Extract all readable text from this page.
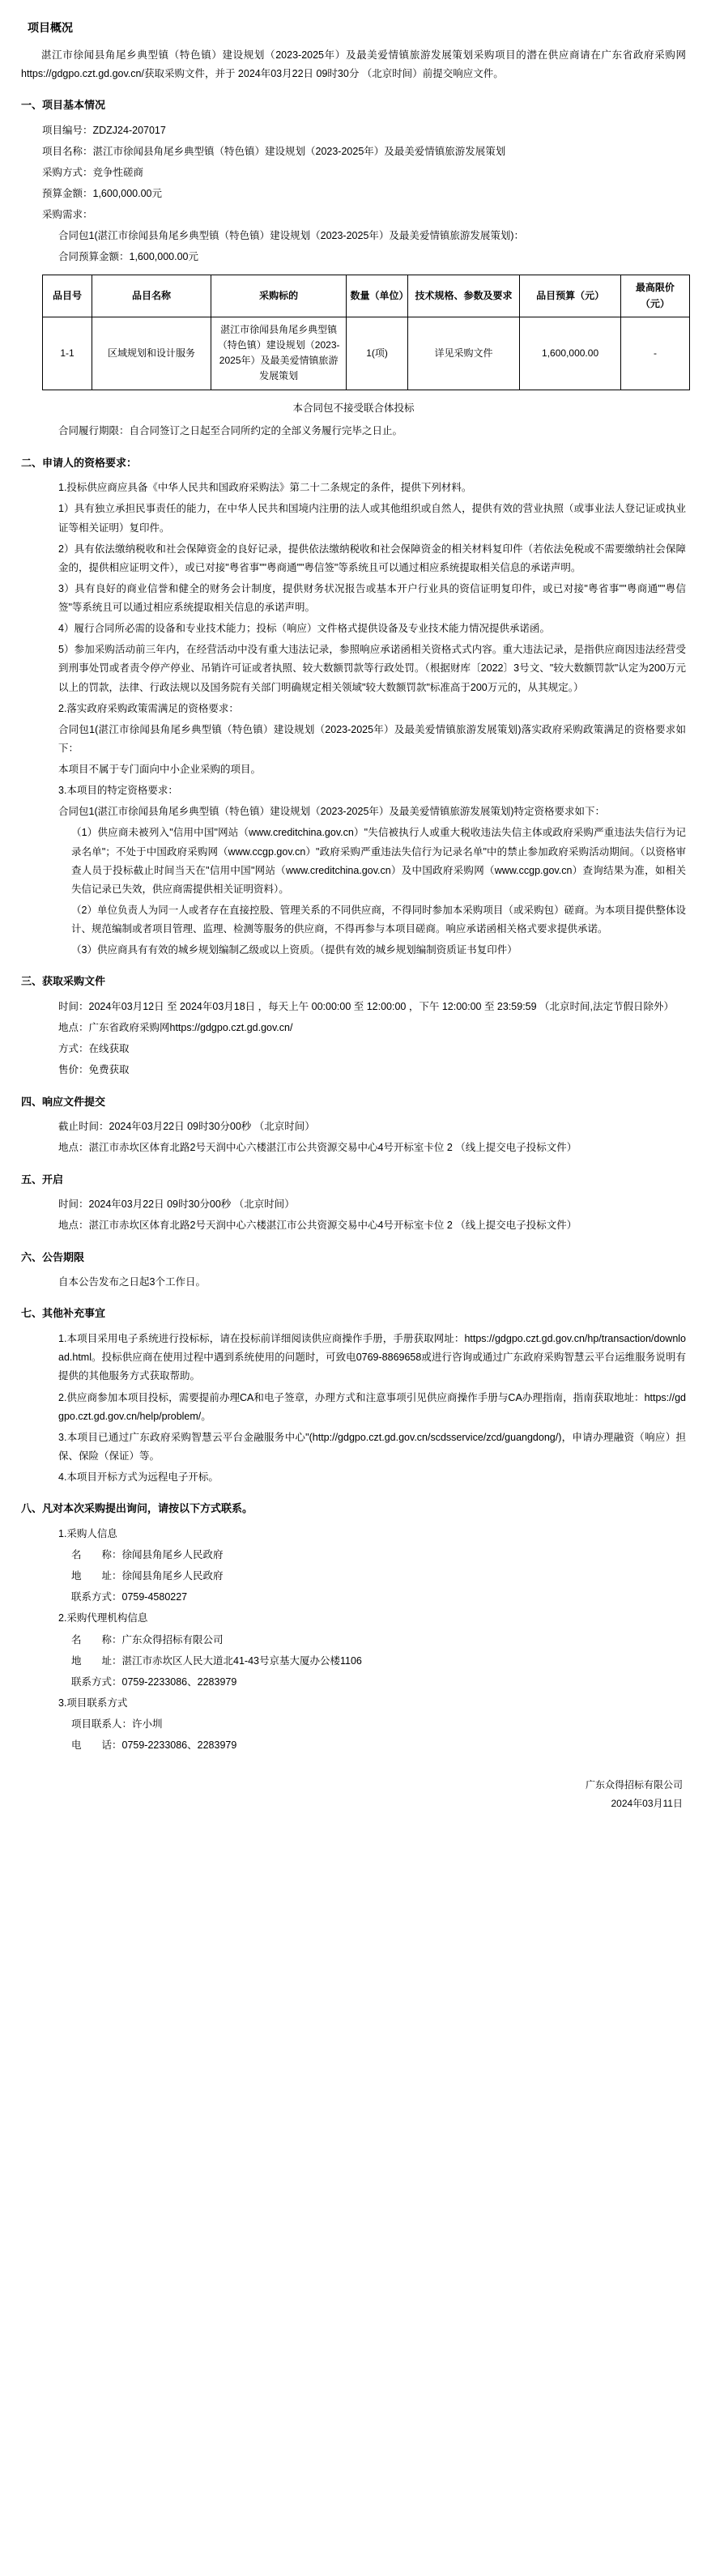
项目概况
湛江市徐闻县角尾乡典型镇（特色镇）建设规划（2023-2025年）及最美爱情镇旅游发展策划采购项目的潜在供应商请在广东省政府采购网https://gdgpo.czt.gd.gov.cn/获取采购文件，并于 2024年03月22日 09时30分 （北京时间）前提交响应文件。
一、项目基本情况
项目编号：ZDZJ24-207017
项目名称：湛江市徐闻县角尾乡典型镇（特色镇）建设规划（2023-2025年）及最美爱情镇旅游发展策划
采购方式：竞争性磋商
预算金额：1,600,000.00元
采购需求：
合同包1(湛江市徐闻县角尾乡典型镇（特色镇）建设规划（2023-2025年）及最美爱情镇旅游发展策划)：
合同预算金额：1,600,000.00元
品目号	品目名称	采购标的	数量（单位）	技术规格、参数及要求	品目预算（元）	最高限价（元）
1-1	区域规划和设计服务	湛江市徐闻县角尾乡典型镇（特色镇）建设规划（2023-2025年）及最美爱情镇旅游发展策划	1(项)	详见采购文件	1,600,000.00	-
本合同包不接受联合体投标
合同履行期限：自合同签订之日起至合同所约定的全部义务履行完毕之日止。
二、申请人的资格要求：
1.投标供应商应具备《中华人民共和国政府采购法》第二十二条规定的条件，提供下列材料。
1）具有独立承担民事责任的能力，在中华人民共和国境内注册的法人或其他组织或自然人，提供有效的营业执照（或事业法人登记证或执业证等相关证明）复印件。
2）具有依法缴纳税收和社会保障资金的良好记录，提供依法缴纳税收和社会保障资金的相关材料复印件（若依法免税或不需要缴纳社会保障金的，提供相应证明文件），或已对接"粤省事""粤商通""粤信签"等系统且可以通过相应系统提取相关信息的承诺声明。
3）具有良好的商业信誉和健全的财务会计制度，提供财务状况报告或基本开户行业具的资信证明复印件，或已对接"粤省事""粤商通""粤信签"等系统且可以通过相应系统提取相关信息的承诺声明。
4）履行合同所必需的设备和专业技术能力；投标（响应）文件格式提供设备及专业技术能力情况提供承诺函。
5）参加采购活动前三年内，在经营活动中没有重大违法记录，参照响应承诺函相关资格式式内容。重大违法记录，是指供应商因违法经营受到刑事处罚或者责令停产停业、吊销许可证或者执照、较大数额罚款等行政处罚。（根据财库〔2022〕3号文、"较大数额罚款"认定为200万元以上的罚款，法律、行政法规以及国务院有关部门明确规定相关领域"较大数额罚款"标准高于200万元的，从其规定。）
2.落实政府采购政策需满足的资格要求：
合同包1(湛江市徐闻县角尾乡典型镇（特色镇）建设规划（2023-2025年）及最美爱情镇旅游发展策划)落实政府采购政策满足的资格要求如下：
本项目不属于专门面向中小企业采购的项目。
3.本项目的特定资格要求：
合同包1(湛江市徐闻县角尾乡典型镇（特色镇）建设规划（2023-2025年）及最美爱情镇旅游发展策划)特定资格要求如下：
（1）供应商未被列入"信用中国"网站（www.creditchina.gov.cn）"失信被执行人或重大税收违法失信主体或政府采购严重违法失信行为记录名单"；不处于中国政府采购网（www.ccgp.gov.cn）"政府采购严重违法失信行为记录名单"中的禁止参加政府采购活动期间。（以资格审查人员于投标截止时间当天在"信用中国"网站（www.creditchina.gov.cn）及中国政府采购网（www.ccgp.gov.cn）查询结果为准，如相关失信记录已失效，供应商需提供相关证明资料）。
（2）单位负责人为同一人或者存在直接控股、管理关系的不同供应商，不得同时参加本采购项目（或采购包）磋商。为本项目提供整体设计、规范编制或者项目管理、监理、检测等服务的供应商，不得再参与本项目磋商。响应承诺函相关格式要求提供承诺。
（3）供应商具有有效的城乡规划编制乙级或以上资质。（提供有效的城乡规划编制资质证书复印件）
三、获取采购文件
时间：2024年03月12日 至 2024年03月18日 ，每天上午 00:00:00 至 12:00:00 ，下午 12:00:00 至 23:59:59 （北京时间,法定节假日除外）
地点：广东省政府采购网https://gdgpo.czt.gd.gov.cn/
方式：在线获取
售价：免费获取
四、响应文件提交
截止时间：2024年03月22日 09时30分00秒 （北京时间）
地点：湛江市赤坎区体育北路2号天润中心六楼湛江市公共资源交易中心4号开标室卡位 2 （线上提交电子投标文件）
五、开启
时间：2024年03月22日 09时30分00秒 （北京时间）
地点：湛江市赤坎区体育北路2号天润中心六楼湛江市公共资源交易中心4号开标室卡位 2 （线上提交电子投标文件）
六、公告期限
自本公告发布之日起3个工作日。
七、其他补充事宜
1.本项目采用电子系统进行投标标，请在投标前详细阅读供应商操作手册，手册获取网址：https://gdgpo.czt.gd.gov.cn/hp/transaction/download.html。投标供应商在使用过程中遇到系统使用的问题时，可致电0769-8869658或进行咨询或通过广东政府采购智慧云平台运维服务说明有提供的其他服务方式获取帮助。
2.供应商参加本项目投标，需要提前办理CA和电子签章，办理方式和注意事项引见供应商操作手册与CA办理指南，指南获取地址：https://gdgpo.czt.gd.gov.cn/help/problem/。
3.本项目已通过广东政府采购智慧云平台金融服务中心"(http://gdgpo.czt.gd.gov.cn/scdsservice/zcd/guangdong/)，申请办理融资（响应）担保、保险（保证）等。
4.本项目开标方式为远程电子开标。
八、凡对本次采购提出询问，请按以下方式联系。
1.采购人信息
名　　称：徐闻县角尾乡人民政府
地　　址：徐闻县角尾乡人民政府
联系方式：0759-4580227
2.采购代理机构信息
名　　称：广东众得招标有限公司
地　　址：湛江市赤坎区人民大道北41-43号京基大厦办公楼1106
联系方式：0759-2233086、2283979
3.项目联系方式
项目联系人：许小圳
电　　话：0759-2233086、2283979
广东众得招标有限公司
2024年03月11日
